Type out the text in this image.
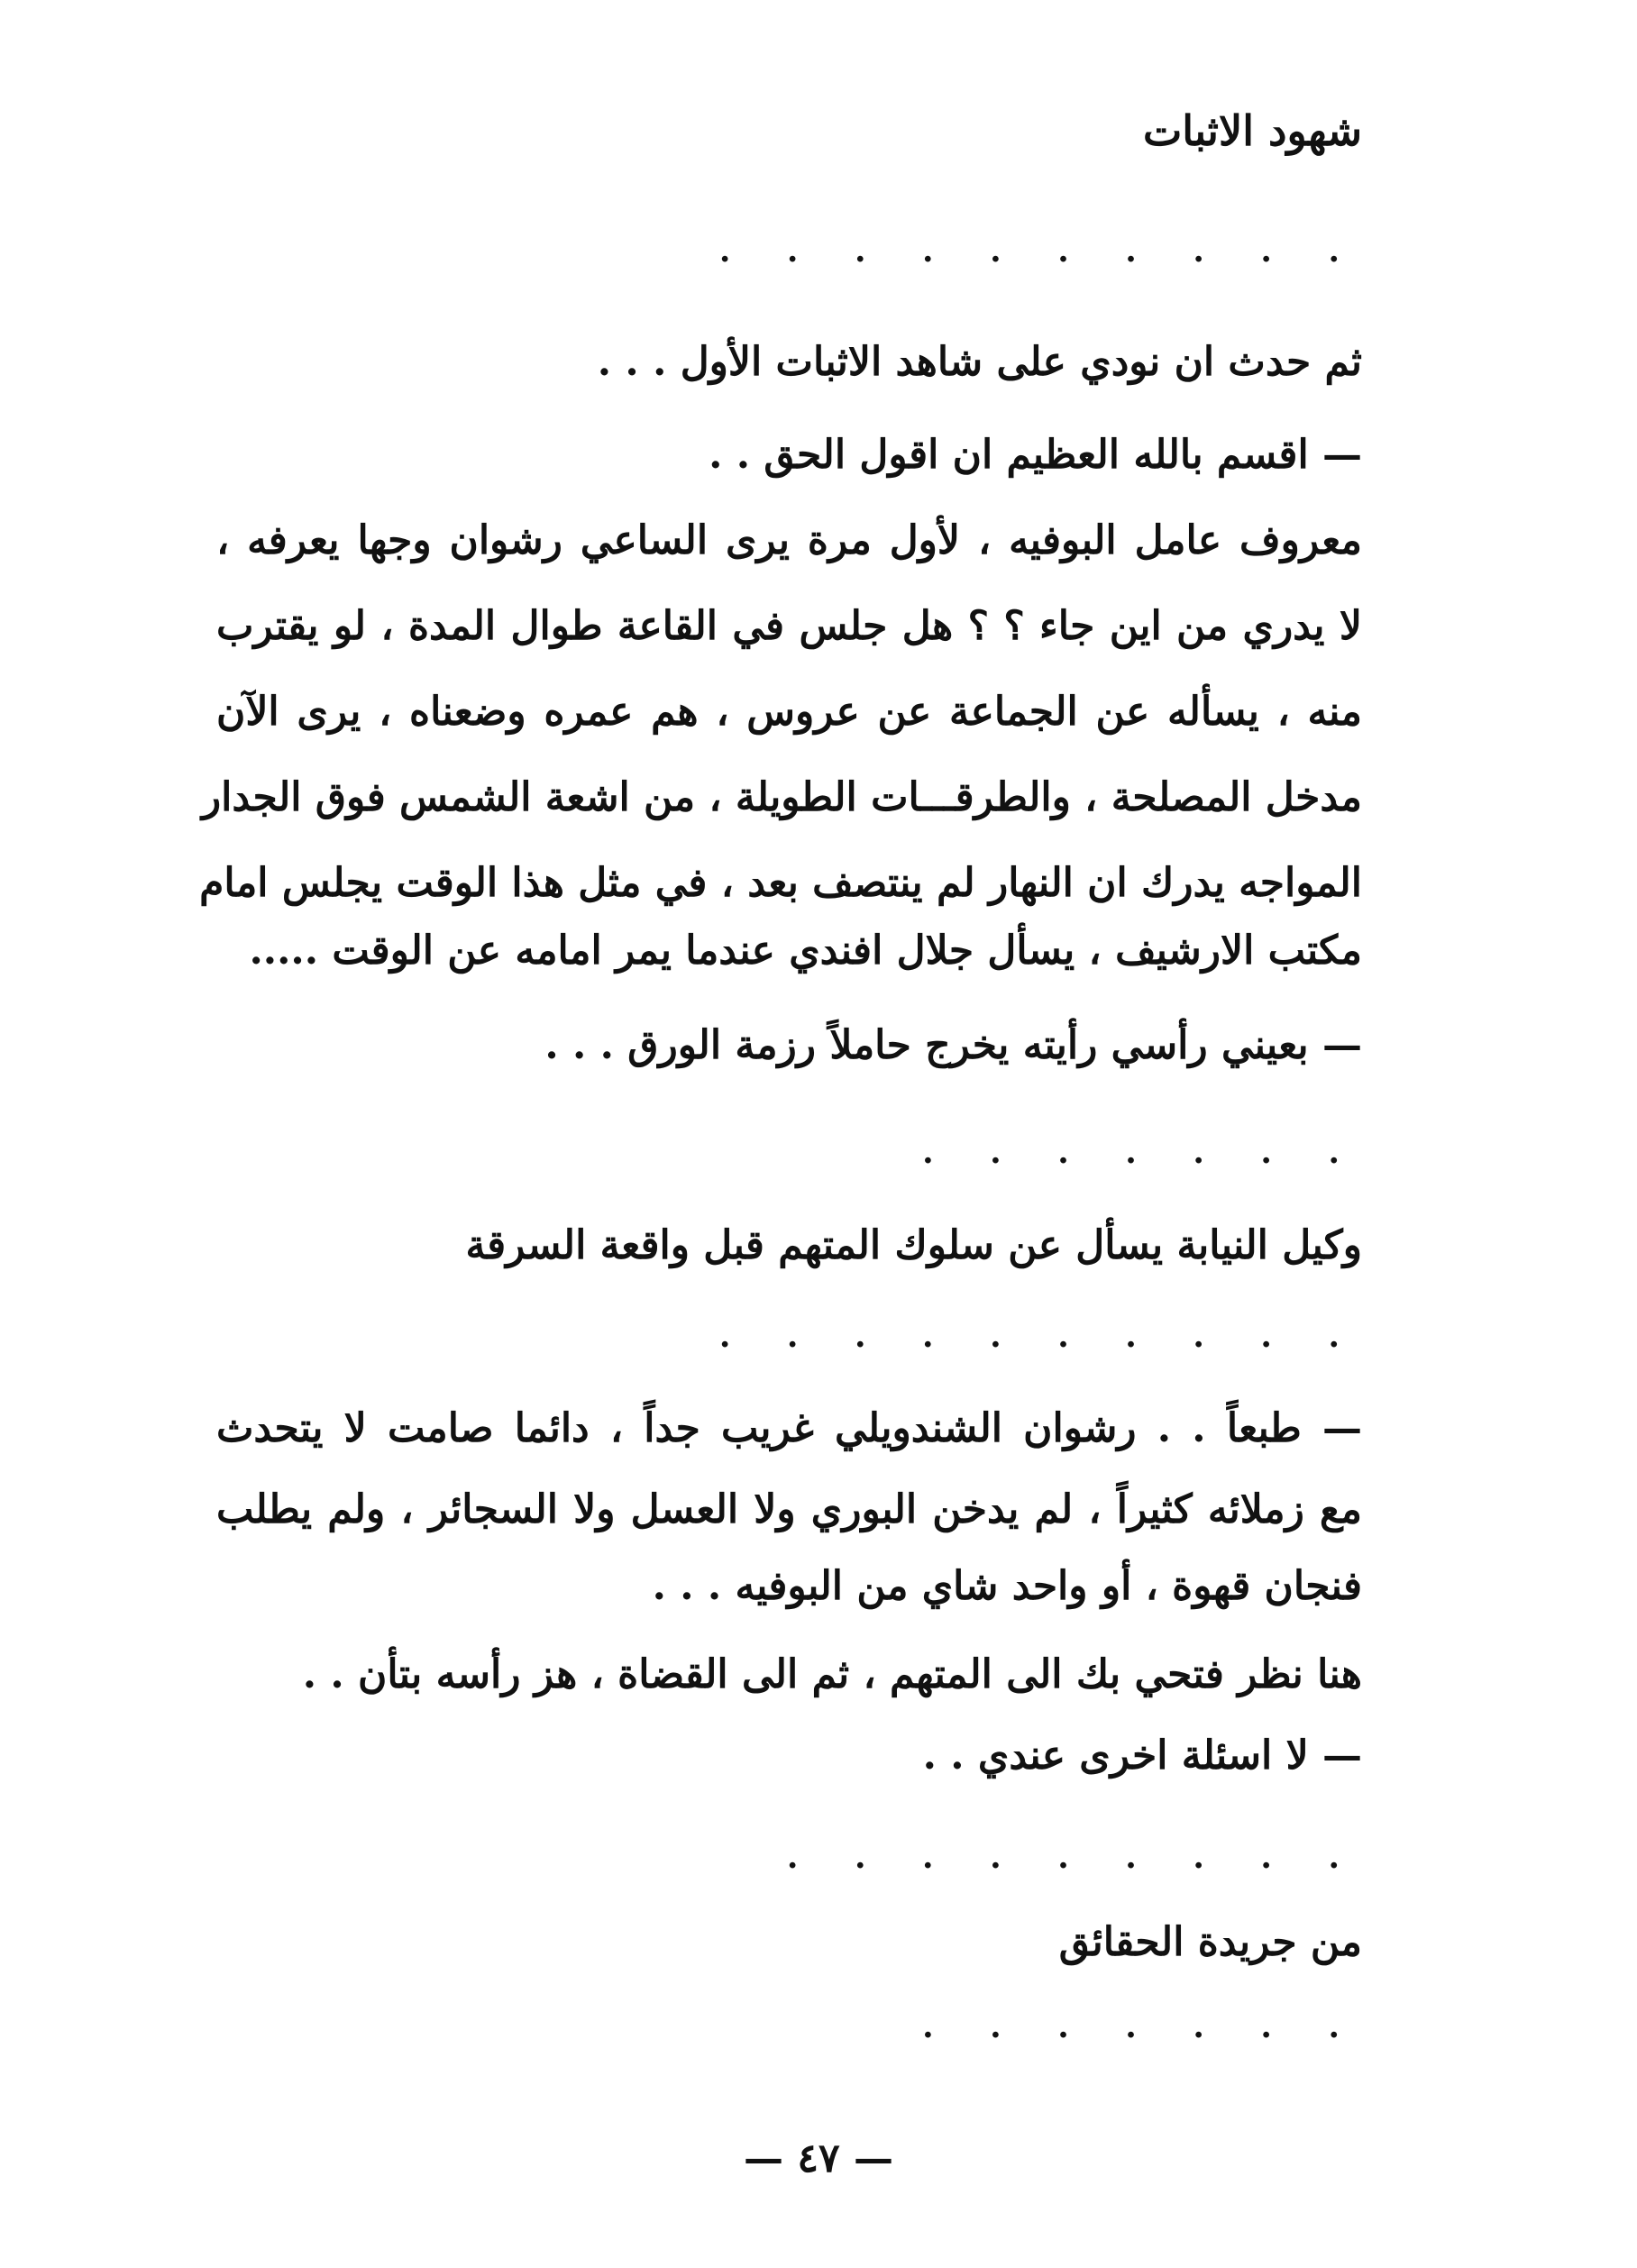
شهود الاثبات
. . . . . . . . . .
ثم حدث ان نودي على شاهد الاثبات الأول . . .
— اقسم بالله العظيم ان اقول الحق . .
معروف عامل البوفيه ، لأول مرة يرى الساعي رشوان وجها يعرفه ،
لا يدري من اين جاء ؟ ؟ هل جلس في القاعة طوال المدة ، لو يقترب
منه ، يسأله عن الجماعة عن عروس ، هم عمره وضعناه ، يرى الآن
مدخل المصلحة ، والطرقـــات الطويلة ، من اشعة الشمس فوق الجدار
المواجه يدرك ان النهار لم ينتصف بعد ، في مثل هذا الوقت يجلس امام
مكتب الارشيف ، يسأل جلال افندي عندما يمر امامه عن الوقت .....
— بعيني رأسي رأيته يخرج حاملاً رزمة الورق . . .
. . . . . . .
وكيل النيابة يسأل عن سلوك المتهم قبل واقعة السرقة
. . . . . . . . . .
— طبعاً . . رشوان الشندويلي غريب جداً ، دائما صامت لا يتحدث
مع زملائه كثيراً ، لم يدخن البوري ولا العسل ولا السجائر ، ولم يطلب
فنجان قهوة ، أو واحد شاي من البوفيه . . .
هنا نظر فتحي بك الى المتهم ، ثم الى القضاة ، هز رأسه بتأن . .
— لا اسئلة اخرى عندي . .
. . . . . . . . .
من جريدة الحقائق
. . . . . . .
— ٤٧ —
